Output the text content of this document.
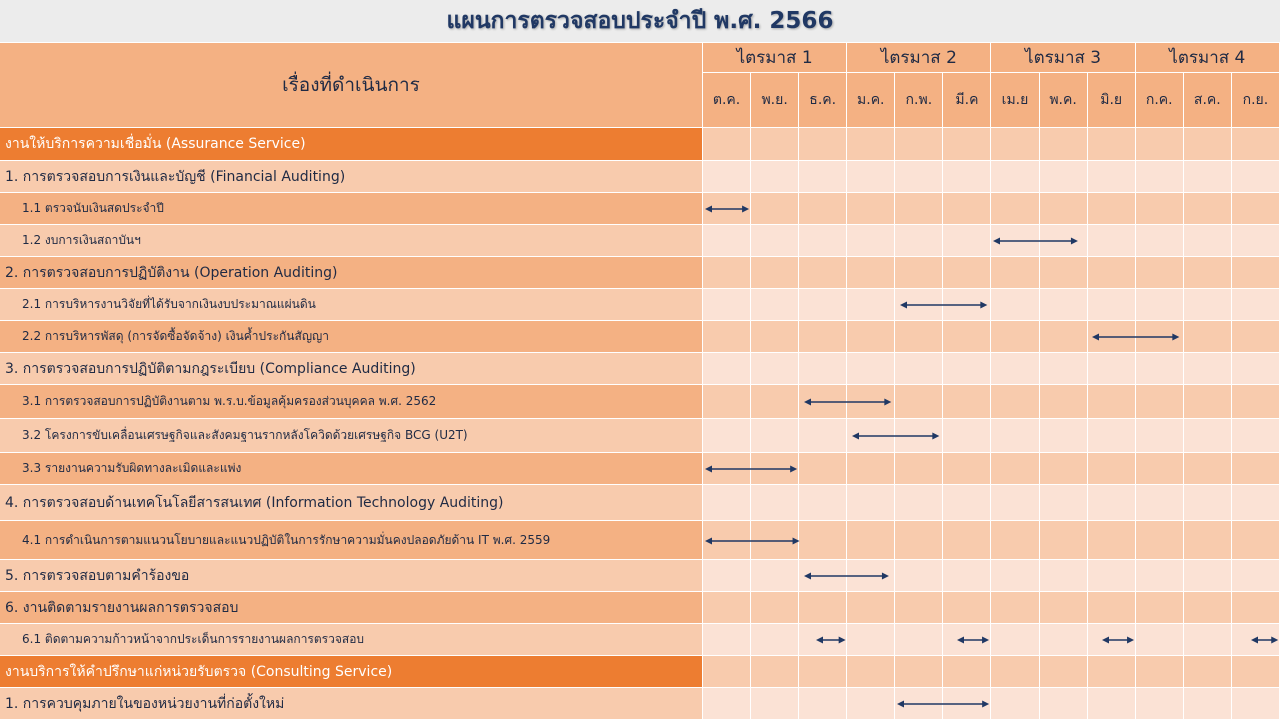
แผนการตรวจสอบประจำปี พ.ศ. 2566
เรื่องที่ดำเนินการ
ไตรมาส 1	ไตรมาส 2	ไตรมาส 3	ไตรมาส 4
ต.ค.	พ.ย.	ธ.ค.	ม.ค.	ก.พ.	มี.ค	เม.ย	พ.ค.	มิ.ย	ก.ค.	ส.ค.	ก.ย.
งานให้บริการความเชื่อมั่น (Assurance Service)
1. การตรวจสอบการเงินและบัญชี (Financial Auditing)
1.1 ตรวจนับเงินสดประจำปี
1.2 งบการเงินสถาบันฯ
2. การตรวจสอบการปฏิบัติงาน (Operation Auditing)
2.1 การบริหารงานวิจัยที่ได้รับจากเงินงบประมาณแผ่นดิน
2.2 การบริหารพัสดุ (การจัดซื้อจัดจ้าง) เงินค้ำประกันสัญญา
3. การตรวจสอบการปฏิบัติตามกฎระเบียบ (Compliance Auditing)
3.1 การตรวจสอบการปฏิบัติงานตาม พ.ร.บ.ข้อมูลคุ้มครองส่วนบุคคล พ.ศ. 2562
3.2 โครงการขับเคลื่อนเศรษฐกิจและสังคมฐานรากหลังโควิดด้วยเศรษฐกิจ BCG (U2T)
3.3 รายงานความรับผิดทางละเมิดและแพ่ง
4. การตรวจสอบด้านเทคโนโลยีสารสนเทศ (Information Technology Auditing)
4.1 การดำเนินการตามแนวนโยบายและแนวปฏิบัติในการรักษาความมั่นคงปลอดภัยด้าน IT พ.ศ. 2559
5. การตรวจสอบตามคำร้องขอ
6. งานติดตามรายงานผลการตรวจสอบ
6.1 ติดตามความก้าวหน้าจากประเด็นการรายงานผลการตรวจสอบ
งานบริการให้คำปรึกษาแก่หน่วยรับตรวจ (Consulting Service)
1. การควบคุมภายในของหน่วยงานที่ก่อตั้งใหม่
